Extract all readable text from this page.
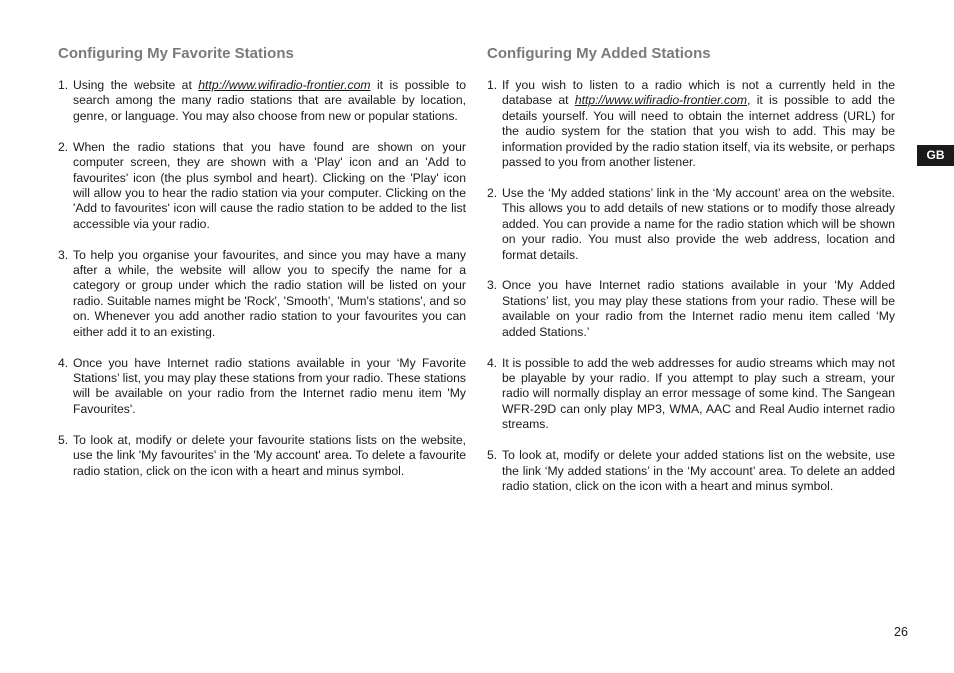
Configuring My Favorite Stations
1. Using the website at http://www.wifiradio-frontier.com it is possible to search among the many radio stations that are available by location, genre, or language. You may also choose from new or popular stations.
2. When the radio stations that you have found are shown on your computer screen, they are shown with a 'Play' icon and an 'Add to favourites' icon (the plus symbol and heart). Clicking on the 'Play' icon will allow you to hear the radio station via your computer. Clicking on the 'Add to favourites' icon will cause the radio station to be added to the list accessible via your radio.
3. To help you organise your favourites, and since you may have a many after a while, the website will allow you to specify the name for a category or group under which the radio station will be listed on your radio. Suitable names might be 'Rock', 'Smooth', 'Mum's stations', and so on. Whenever you add another radio station to your favourites you can either add it to an existing.
4. Once you have Internet radio stations available in your ‘My Favorite Stations’ list, you may play these stations from your radio. These stations will be available on your radio from the Internet radio menu item 'My Favourites'.
5. To look at, modify or delete your favourite stations lists on the website, use the link 'My favourites' in the 'My account' area. To delete a favourite radio station, click on the icon with a heart and minus symbol.
Configuring My Added Stations
1. If you wish to listen to a radio which is not a currently held in the database at http://www.wifiradio-frontier.com, it is possible to add the details yourself. You will need to obtain the internet address (URL) for the audio system for the station that you wish to add. This may be information provided by the radio station itself, via its website, or perhaps passed to you from another listener.
2. Use the ‘My added stations’ link in the ‘My account’ area on the website. This allows you to add details of new stations or to modify those already added. You can provide a name for the radio station which will be shown on your radio. You must also provide the web address, location and format details.
3. Once you have Internet radio stations available in your ‘My Added Stations’ list, you may play these stations from your radio. These will be available on your radio from the Internet radio menu item called ‘My added Stations.’
4. It is possible to add the web addresses for audio streams which may not be playable by your radio. If you attempt to play such a stream, your radio will normally display an error message of some kind. The Sangean WFR-29D can only play MP3, WMA, AAC and Real Audio internet radio streams.
5. To look at, modify or delete your added stations list on the website, use the link ‘My added stations’ in the ‘My account’ area. To delete an added radio station, click on the icon with a heart and minus symbol.
GB
26
